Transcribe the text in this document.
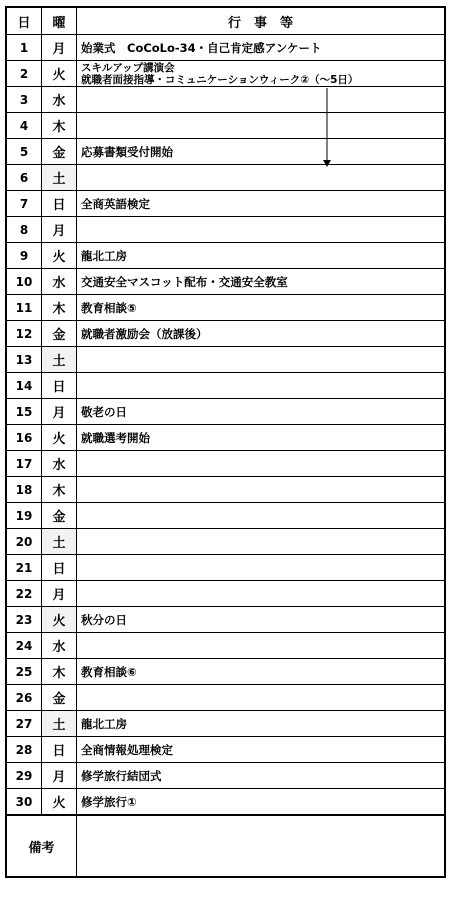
日	曜	行　事　等
1	月	始業式　CoCoLo-34・自己肯定感アンケート

2	火	スキルアップ講演会
就職者面接指導・コミュニケーションウィーク②（～5日）

3	水	
4	木	
5	金	応募書類受付開始

6	土	
7	日	全商英語検定

8	月	
9	火	龍北工房

10	水	交通安全マスコット配布・交通安全教室

11	木	教育相談⑤

12	金	就職者激励会（放課後）

13	土	
14	日	
15	月	敬老の日

16	火	就職選考開始

17	水	
18	木	
19	金	
20	土	
21	日	
22	月	
23	火	秋分の日

24	水	
25	木	教育相談⑥

26	金	
27	土	龍北工房

28	日	全商情報処理検定

29	月	修学旅行結団式

30	火	修学旅行①

備考		
